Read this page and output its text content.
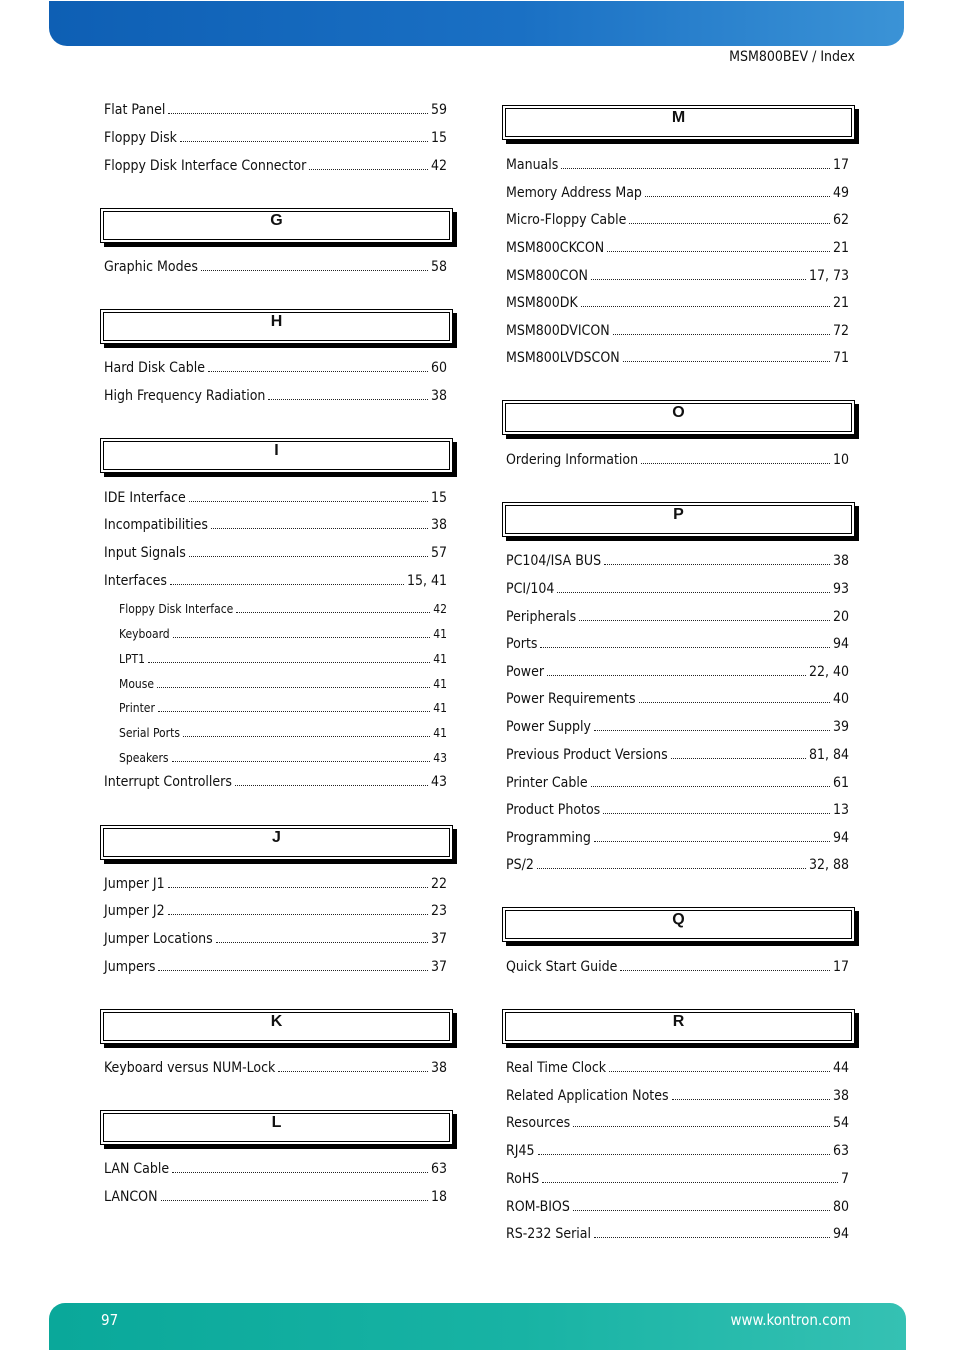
MSM800BEV / Index
Flat Panel	59
Floppy Disk	15
Floppy Disk Interface Connector	42
G
Graphic Modes	58
H
Hard Disk Cable	60
High Frequency Radiation	38
I
IDE Interface	15
Incompatibilities	38
Input Signals	57
Interfaces	15, 41
Floppy Disk Interface	42
Keyboard	41
LPT1	41
Mouse	41
Printer	41
Serial Ports	41
Speakers	43
Interrupt Controllers	43
J
Jumper J1	22
Jumper J2	23
Jumper Locations	37
Jumpers	37
K
Keyboard versus NUM-Lock	38
L
LAN Cable	63
LANCON	18
M
Manuals	17
Memory Address Map	49
Micro-Floppy Cable	62
MSM800CKCON	21
MSM800CON	17, 73
MSM800DK	21
MSM800DVICON	72
MSM800LVDSCON	71
O
Ordering Information	10
P
PC104/ISA BUS	38
PCI/104	93
Peripherals	20
Ports	94
Power	22, 40
Power Requirements	40
Power Supply	39
Previous Product Versions	81, 84
Printer Cable	61
Product Photos	13
Programming	94
PS/2	32, 88
Q
Quick Start Guide	17
R
Real Time Clock	44
Related Application Notes	38
Resources	54
RJ45	63
RoHS	7
ROM-BIOS	80
RS-232 Serial	94
97	www.kontron.com
